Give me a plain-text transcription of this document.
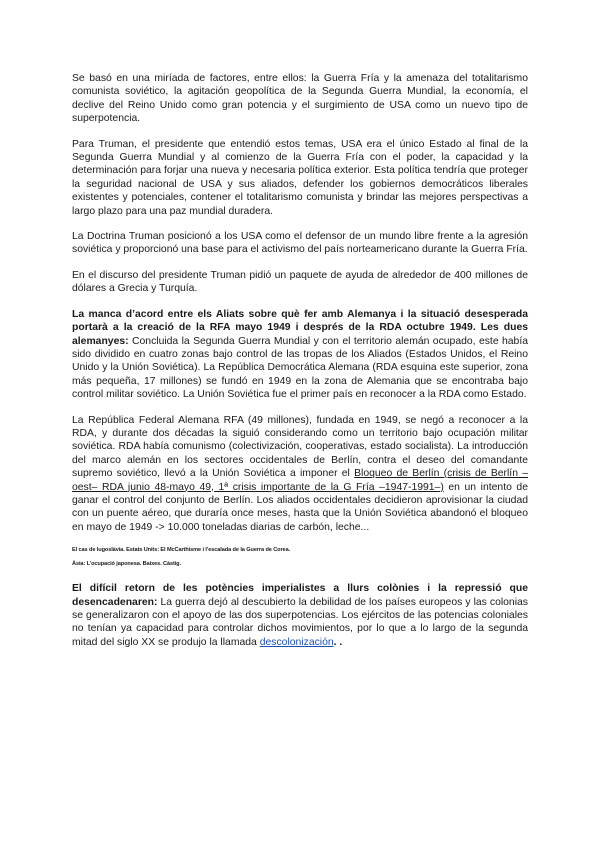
Se basó en una miríada de factores, entre ellos: la Guerra Fría y la amenaza del totalitarismo comunista soviético, la agitación geopolítica de la Segunda Guerra Mundial, la economía, el declive del Reino Unido como gran potencia y el surgimiento de USA como un nuevo tipo de superpotencia.

Para Truman, el presidente que entendió estos temas, USA era el único Estado al final de la Segunda Guerra Mundial y al comienzo de la Guerra Fría con el poder, la capacidad y la determinación para forjar una nueva y necesaria política exterior. Esta política tendría que proteger la seguridad nacional de USA y sus aliados, defender los gobiernos democráticos liberales existentes y potenciales, contener el totalitarismo comunista y brindar las mejores perspectivas a largo plazo para una paz mundial duradera.

La Doctrina Truman posicionó a los USA como el defensor de un mundo libre frente a la agresión soviética y proporcionó una base para el activismo del país norteamericano durante la Guerra Fría.

En el discurso del presidente Truman pidió un paquete de ayuda de alrededor de 400 millones de dólares a Grecia y Turquía.

La manca d’acord entre els Aliats sobre què fer amb Alemanya i la situació desesperada portarà a la creació de la RFA mayo 1949 i després de la RDA octubre 1949. Les dues alemanyes: Concluida la Segunda Guerra Mundial y con el territorio alemán ocupado, este había sido dividido en cuatro zonas bajo control de las tropas de los Aliados (Estados Unidos, el Reino Unido y la Unión Soviética). La República Democrática Alemana (RDA esquina este superior, zona más pequeña, 17 millones) se fundó en 1949 en la zona de Alemania que se encontraba bajo control militar soviético. La Unión Soviética fue el primer país en reconocer a la RDA como Estado.

La República Federal Alemana RFA (49 millones), fundada en 1949, se negó a reconocer a la RDA, y durante dos décadas la siguió considerando como un territorio bajo ocupación militar soviética. RDA había comunismo (colectivización, cooperativas, estado socialista). La introducción del marco alemán en los sectores occidentales de Berlín, contra el deseo del comandante supremo soviético, llevó a la Unión Soviética a imponer el Bloqueo de Berlín (crisis de Berlín –oest– RDA junio 48-mayo 49, 1ª crisis importante de la G Fría –1947-1991–) en un intento de ganar el control del conjunto de Berlín. Los aliados occidentales decidieron aprovisionar la ciudad con un puente aéreo, que duraría once meses, hasta que la Unión Soviética abandonó el bloqueo en mayo de 1949 -> 10.000 toneladas diarias de carbón, leche...

El cas de Iugoslàvia. Estats Units: El McCarthisme i l’escalada de la Guerra de Corea.

Àsia: L’ocupació japonesa. Baixes. Càstig.

El difícil retorn de les potències imperialistes a llurs colònies i la repressió que desencadenaren: La guerra dejó al descubierto la debilidad de los países europeos y las colonias se generalizaron con el apoyo de las dos superpotencias. Los ejércitos de las potencias coloniales no tenían ya capacidad para controlar dichos movimientos, por lo que a lo largo de la segunda mitad del siglo XX se produjo la llamada descolonización. .
